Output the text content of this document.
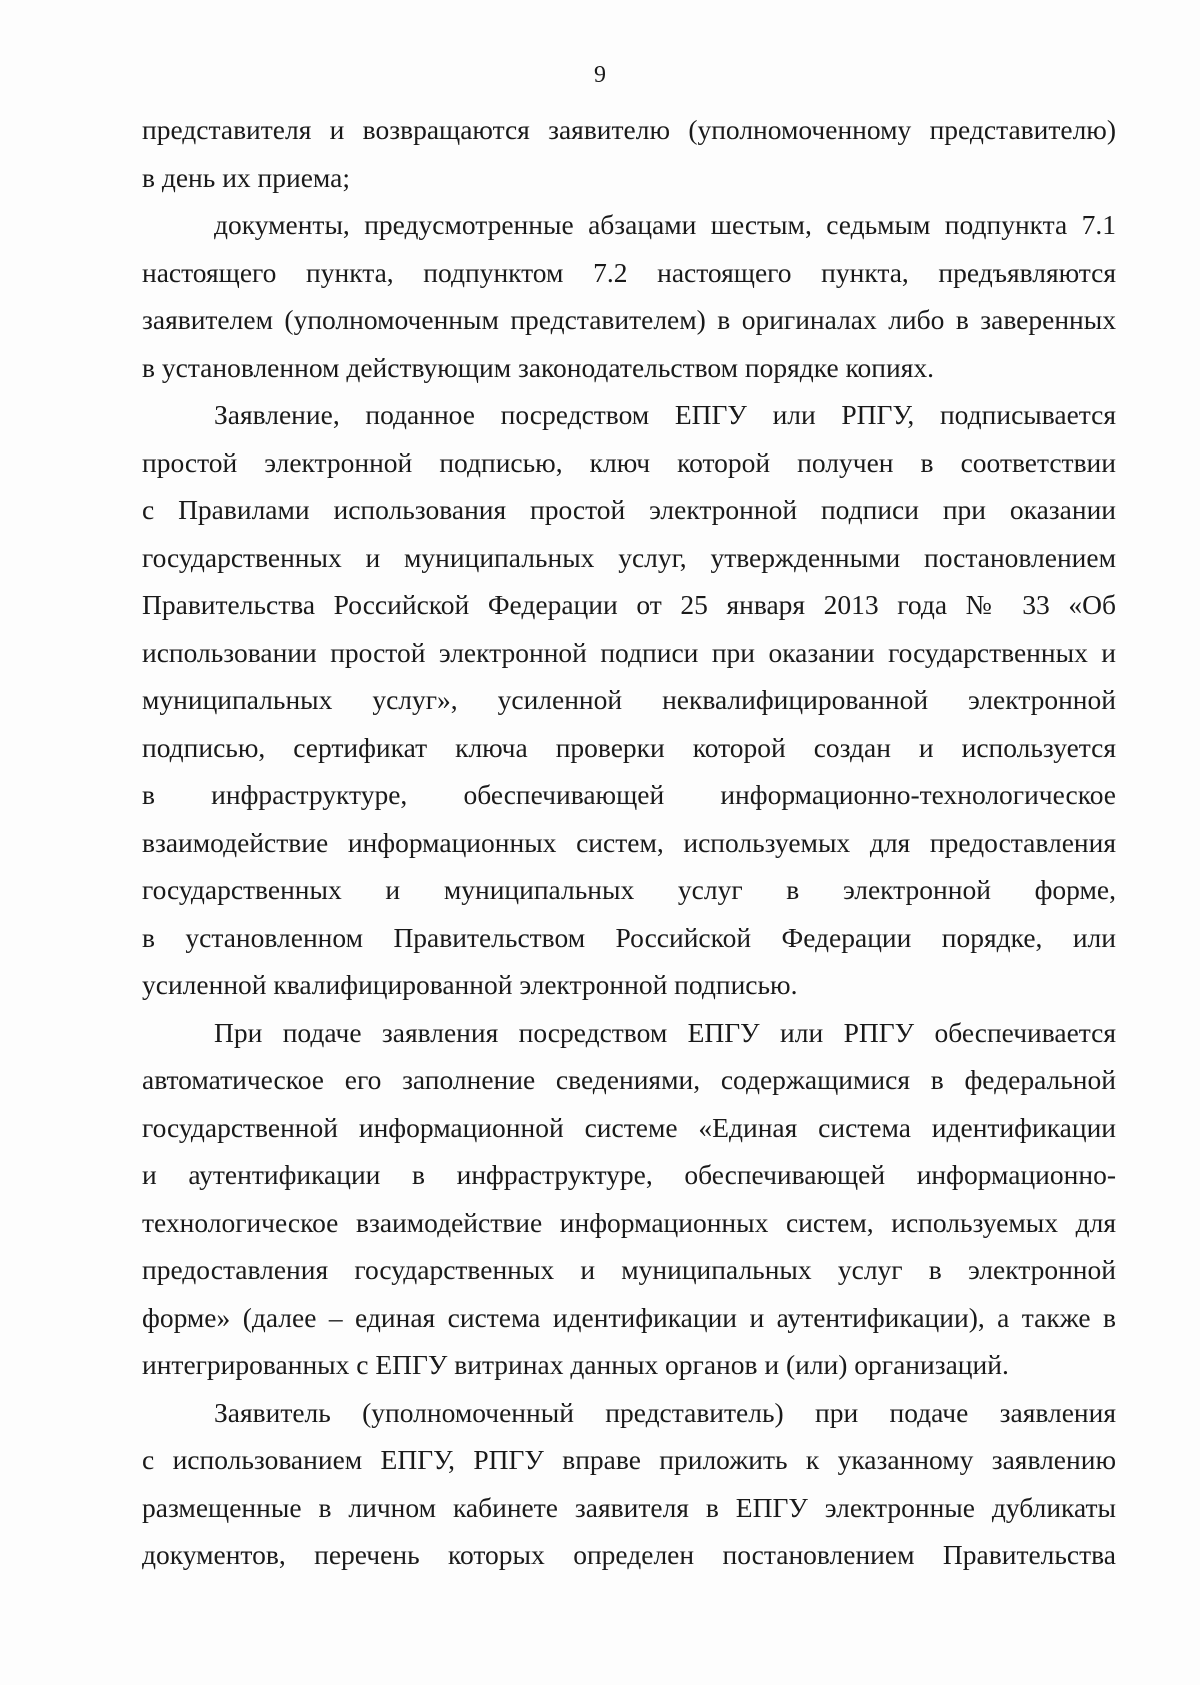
9
представителя и возвращаются заявителю (уполномоченному представителю)
в день их приема;
документы, предусмотренные абзацами шестым, седьмым подпункта 7.1
настоящего пункта, подпунктом 7.2 настоящего пункта, предъявляются
заявителем (уполномоченным представителем) в оригиналах либо в заверенных
в установленном действующим законодательством порядке копиях.
Заявление, поданное посредством ЕПГУ или РПГУ, подписывается
простой электронной подписью, ключ которой получен в соответствии
с Правилами использования простой электронной подписи при оказании
государственных и муниципальных услуг, утвержденными постановлением
Правительства Российской Федерации от 25 января 2013 года № 33 «Об
использовании простой электронной подписи при оказании государственных и
муниципальных услуг», усиленной неквалифицированной электронной
подписью, сертификат ключа проверки которой создан и используется
в инфраструктуре, обеспечивающей информационно-технологическое
взаимодействие информационных систем, используемых для предоставления
государственных и муниципальных услуг в электронной форме,
в установленном Правительством Российской Федерации порядке, или
усиленной квалифицированной электронной подписью.
При подаче заявления посредством ЕПГУ или РПГУ обеспечивается
автоматическое его заполнение сведениями, содержащимися в федеральной
государственной информационной системе «Единая система идентификации
и аутентификации в инфраструктуре, обеспечивающей информационно-
технологическое взаимодействие информационных систем, используемых для
предоставления государственных и муниципальных услуг в электронной
форме» (далее – единая система идентификации и аутентификации), а также в
интегрированных с ЕПГУ витринах данных органов и (или) организаций.
Заявитель (уполномоченный представитель) при подаче заявления
с использованием ЕПГУ, РПГУ вправе приложить к указанному заявлению
размещенные в личном кабинете заявителя в ЕПГУ электронные дубликаты
документов, перечень которых определен постановлением Правительства
